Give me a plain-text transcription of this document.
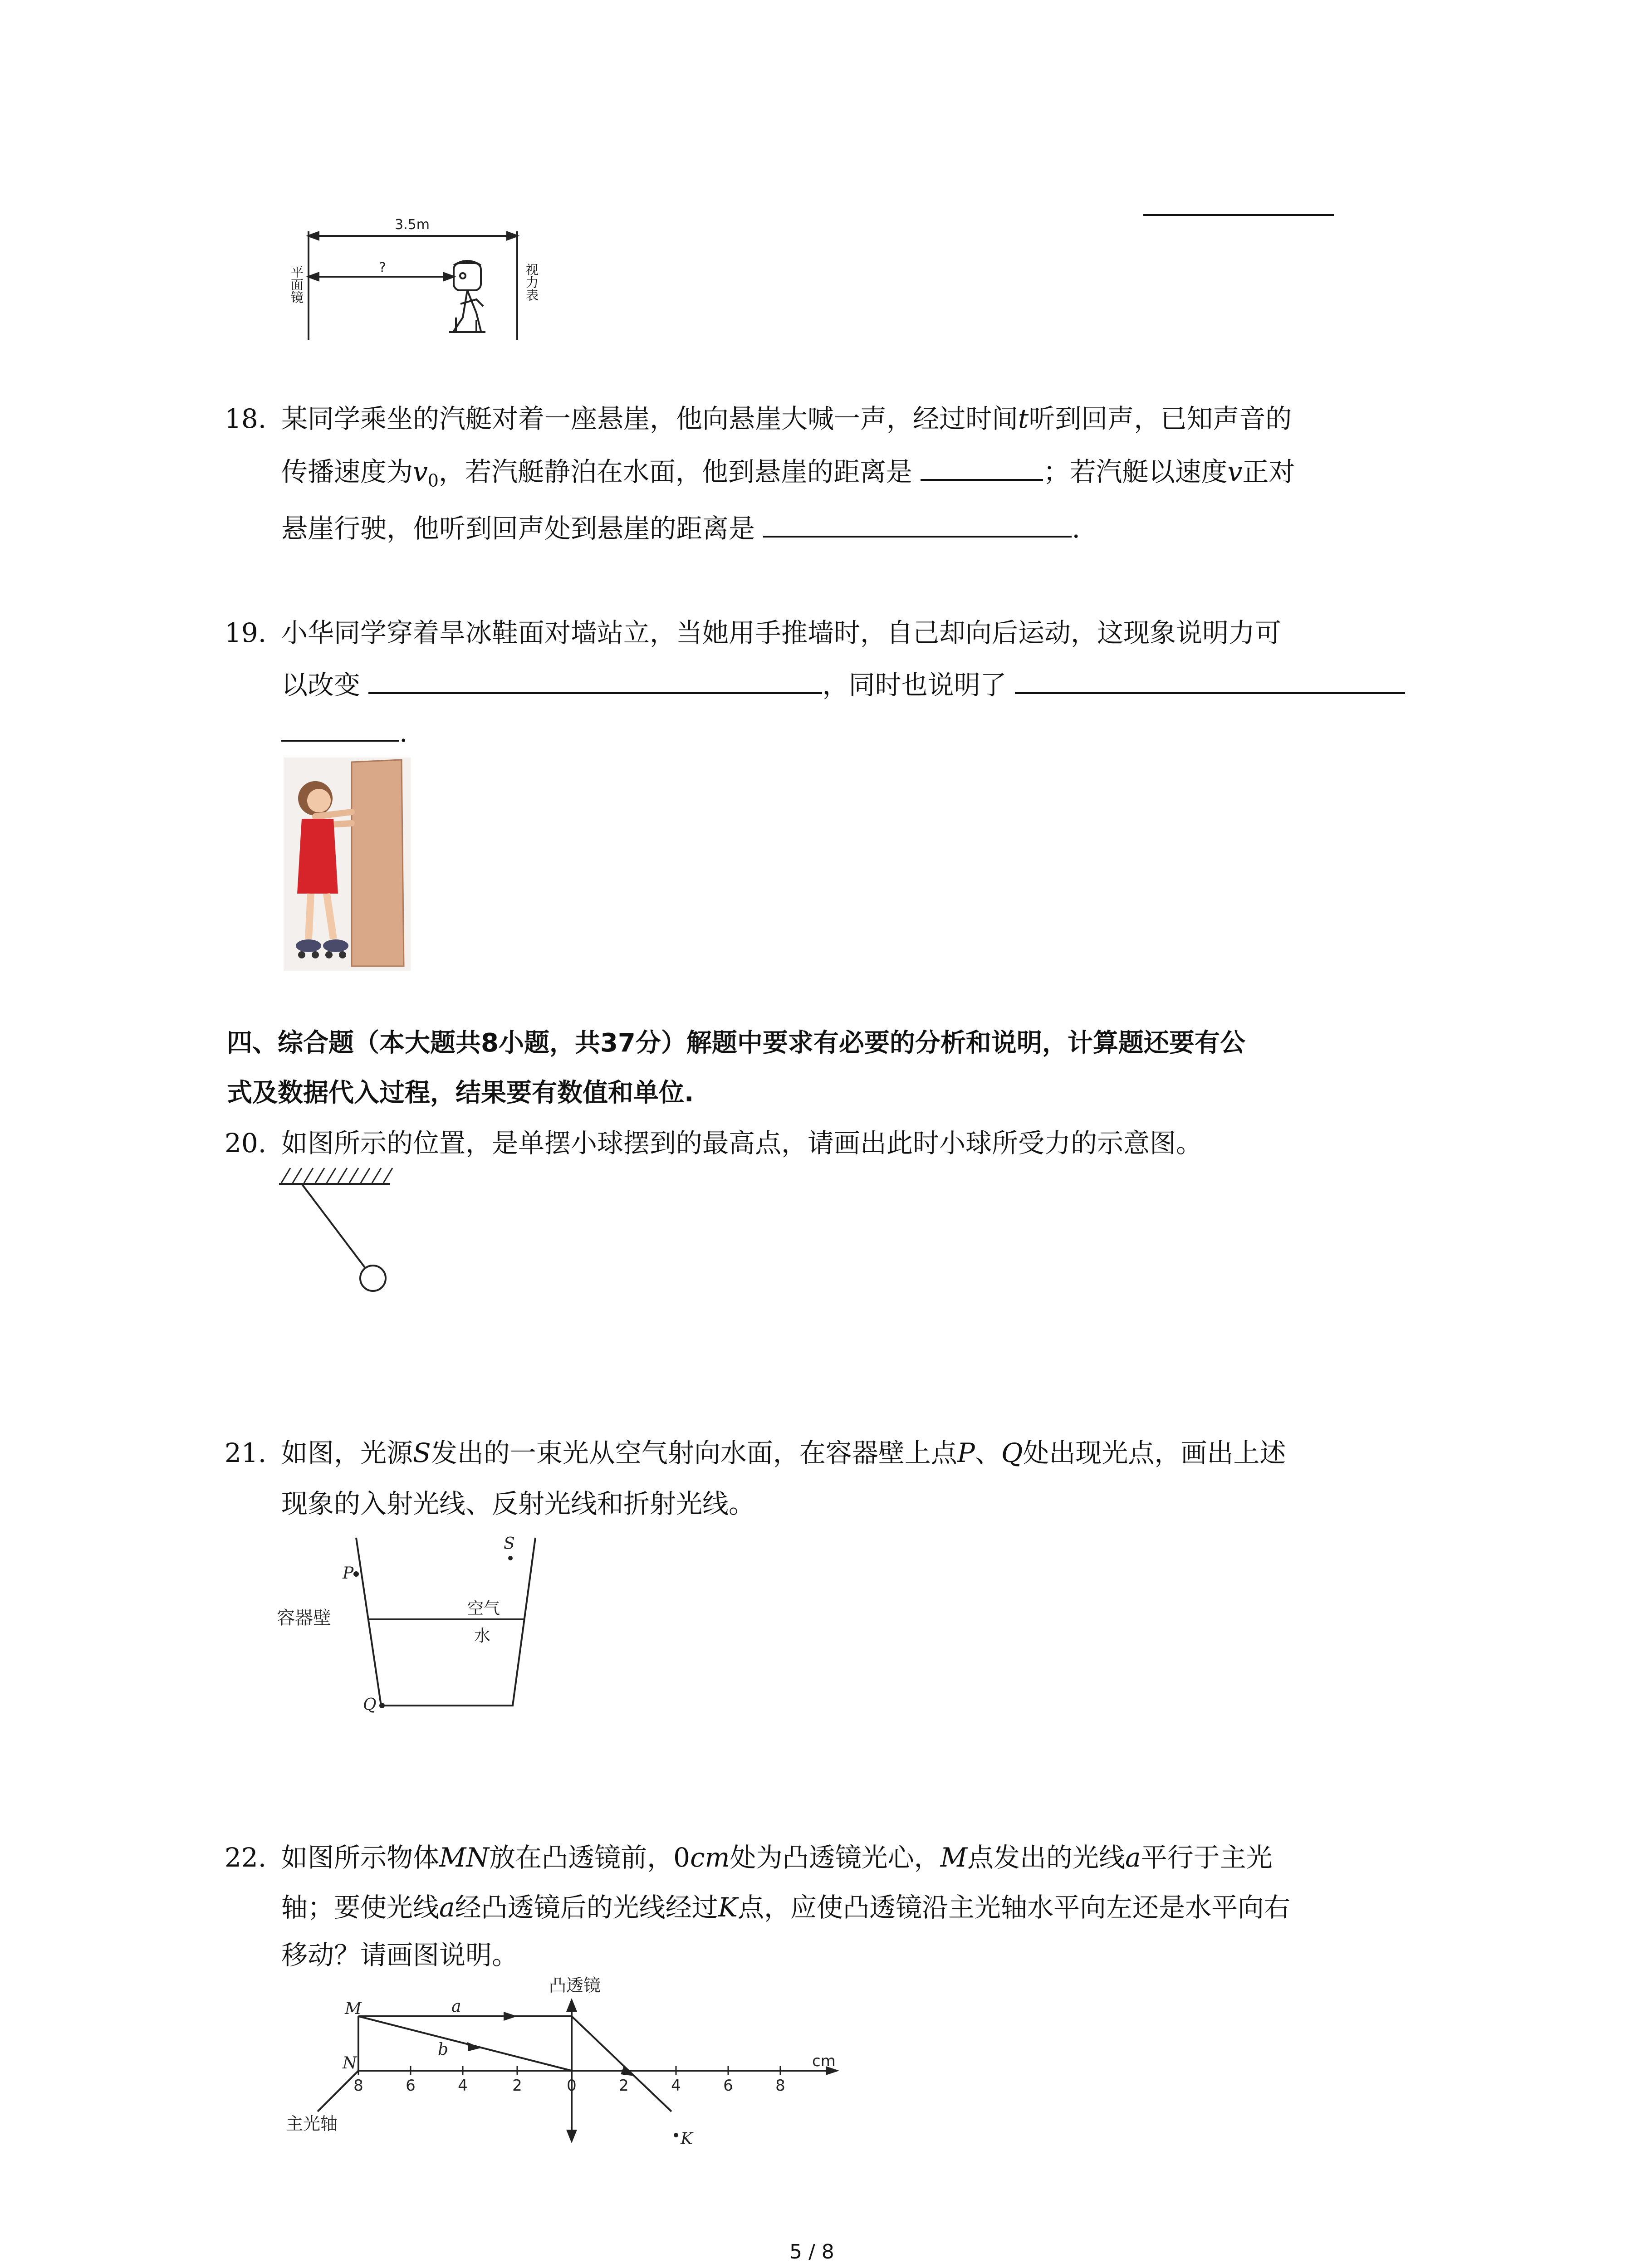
3.5m
?
平面镜	视力表
18. 某同学乘坐的汽艇对着一座悬崖，他向悬崖大喊一声，经过时间t听到回声，已知声音的
传播速度为$v_0$，若汽艇静泊在水面，他到悬崖的距离是	；若汽艇以速度v正对
悬崖行驶，他听到回声处到悬崖的距离是	.
19. 小华同学穿着旱冰鞋面对墙站立，当她用手推墙时，自己却向后运动，这现象说明力可
以改变	，同时也说明了
.
四、综合题（本大题共8小题，共37分）解题中要求有必要的分析和说明，计算题还要有公
式及数据代入过程，结果要有数值和单位.
20. 如图所示的位置，是单摆小球摆到的最高点，请画出此时小球所受力的示意图。
21. 如图，光源S发出的一束光从空气射向水面，在容器壁上点P、Q处出现光点，画出上述
现象的入射光线、反射光线和折射光线。
P
Q
S
容器壁	空气
水
22. 如图所示物体MN放在凸透镜前，0cm处为凸透镜光心，M点发出的光线a平行于主光
轴；要使光线a经凸透镜后的光线经过K点，应使凸透镜沿主光轴水平向左还是水平向右
移动？请画图说明。
8	6	4	2	0	2	4	6	8
凸透镜
M
N
a
b
K
cm
主光轴
5 / 8
